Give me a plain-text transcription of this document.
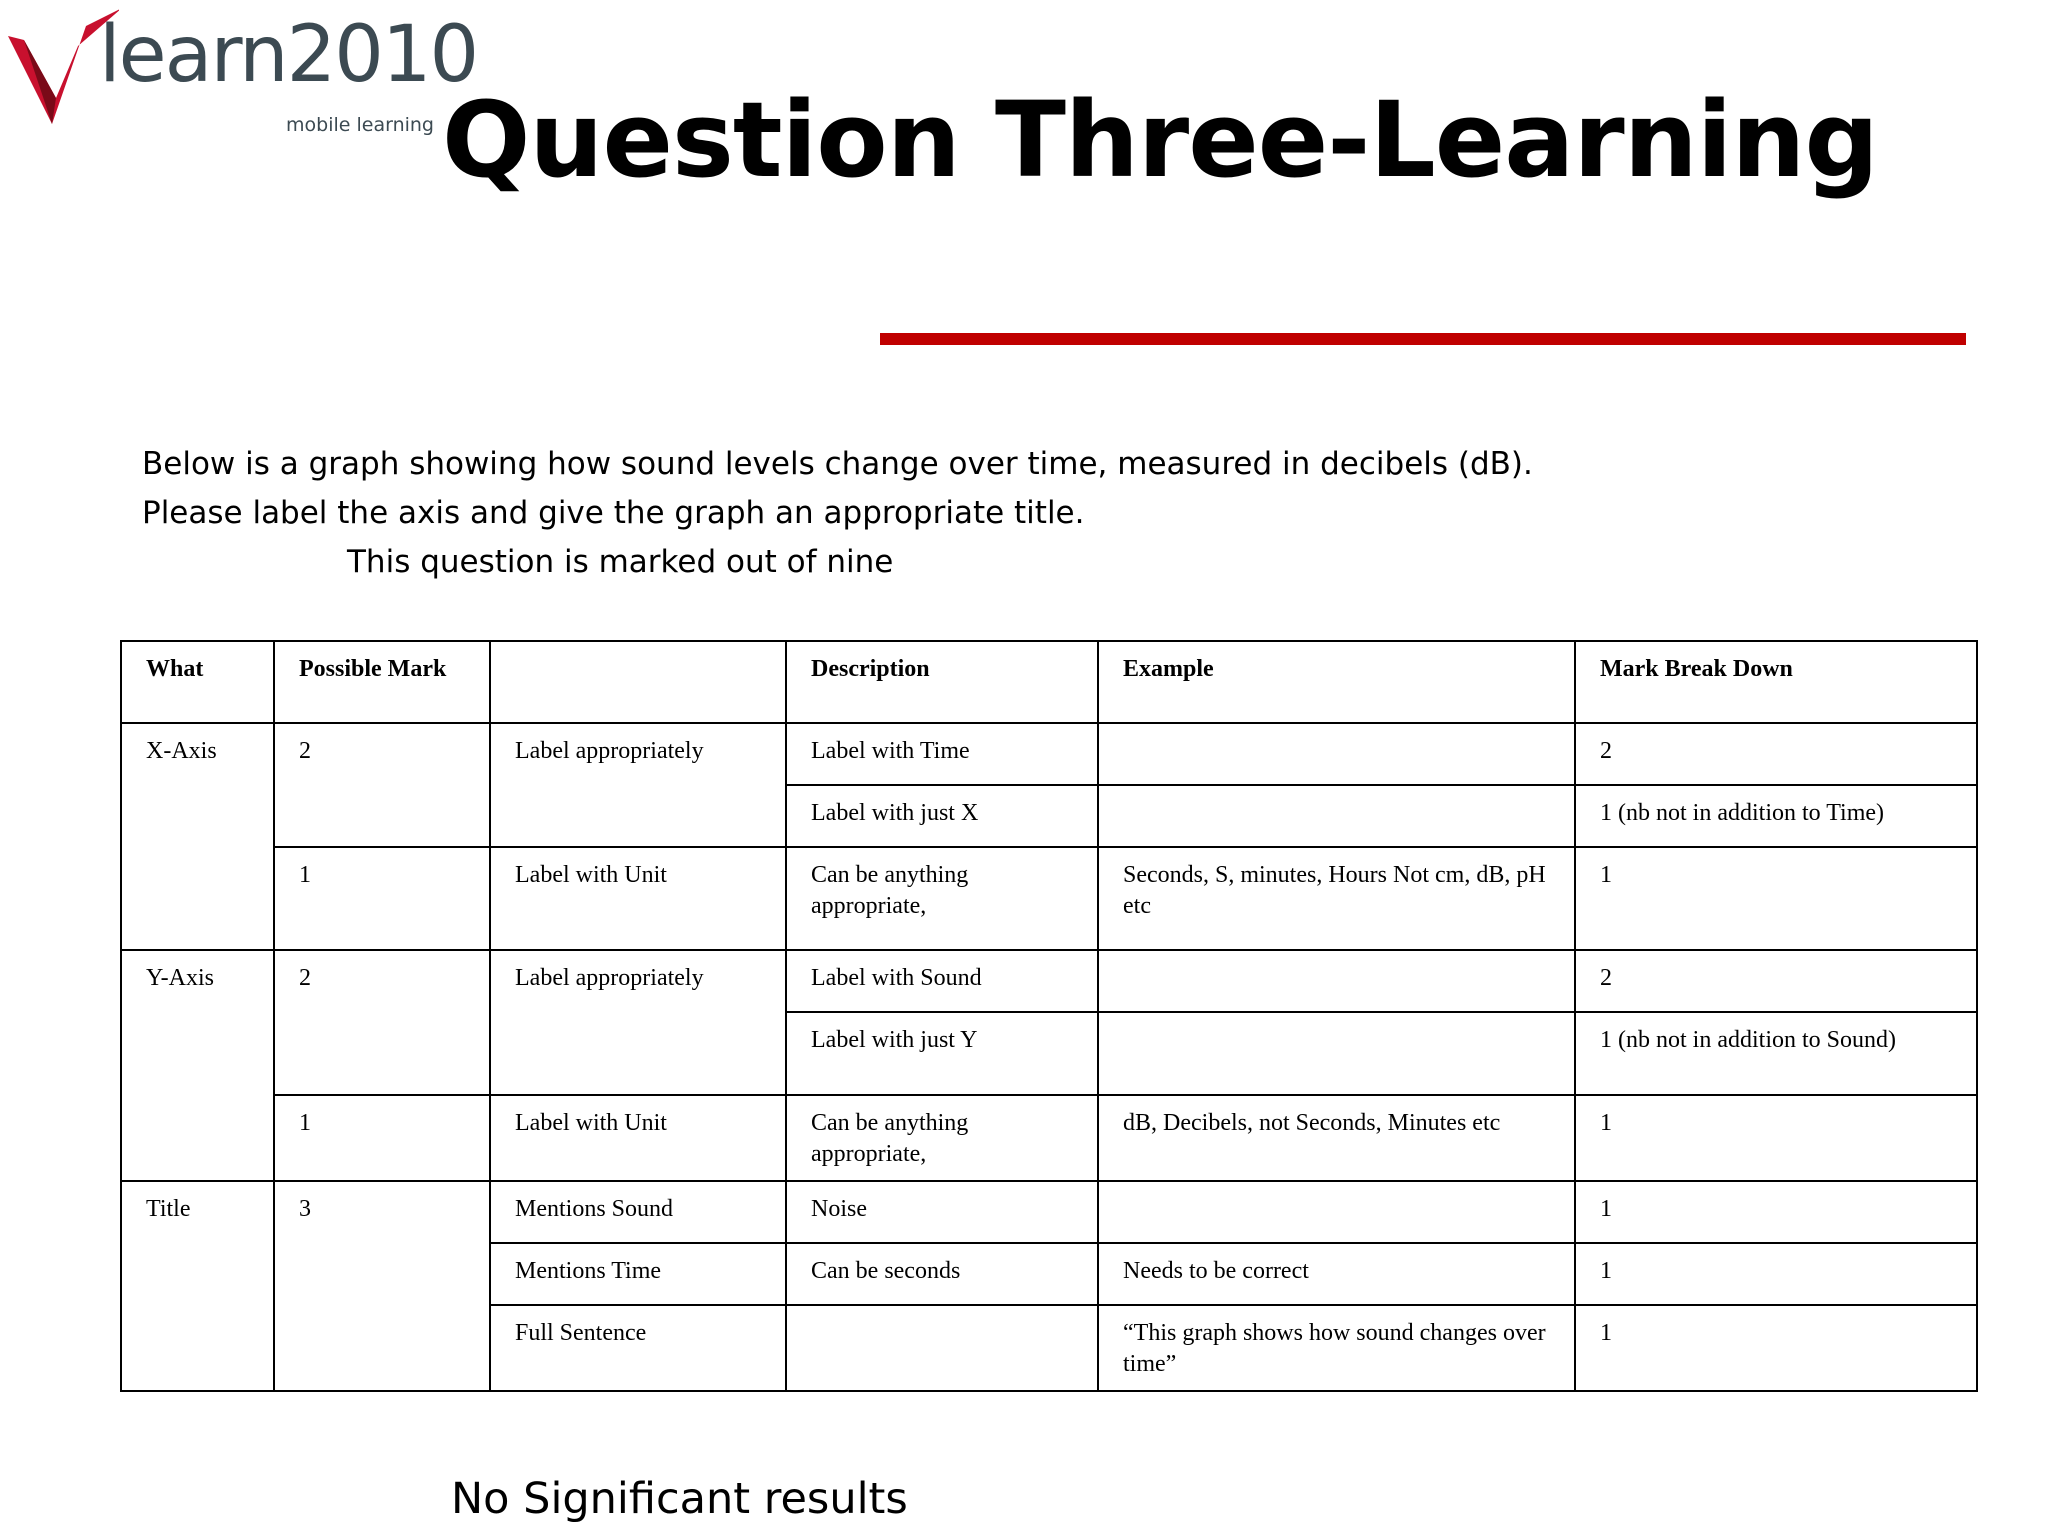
learn2010
mobile learning Question Three-Learning
Below is a graph showing how sound levels change over time, measured in decibels (dB).
Please label the axis and give the graph an appropriate title.
This question is marked out of nine
What	Possible Mark		Description	Example	Mark Break Down
X-Axis	2	Label appropriately	Label with Time		2
			Label with just X		1 (nb not in addition to Time)
	1	Label with Unit	Can be anything appropriate,	Seconds, S, minutes, Hours Not cm, dB, pH etc	1
Y-Axis	2	Label appropriately	Label with Sound		2
			Label with just Y		1 (nb not in addition to Sound)
	1	Label with Unit	Can be anything appropriate,	dB, Decibels, not Seconds, Minutes etc	1
Title	3	Mentions Sound	Noise		1
		Mentions Time	Can be seconds	Needs to be correct	1
		Full Sentence		“This graph shows how sound changes over time”	1
No Significant results
